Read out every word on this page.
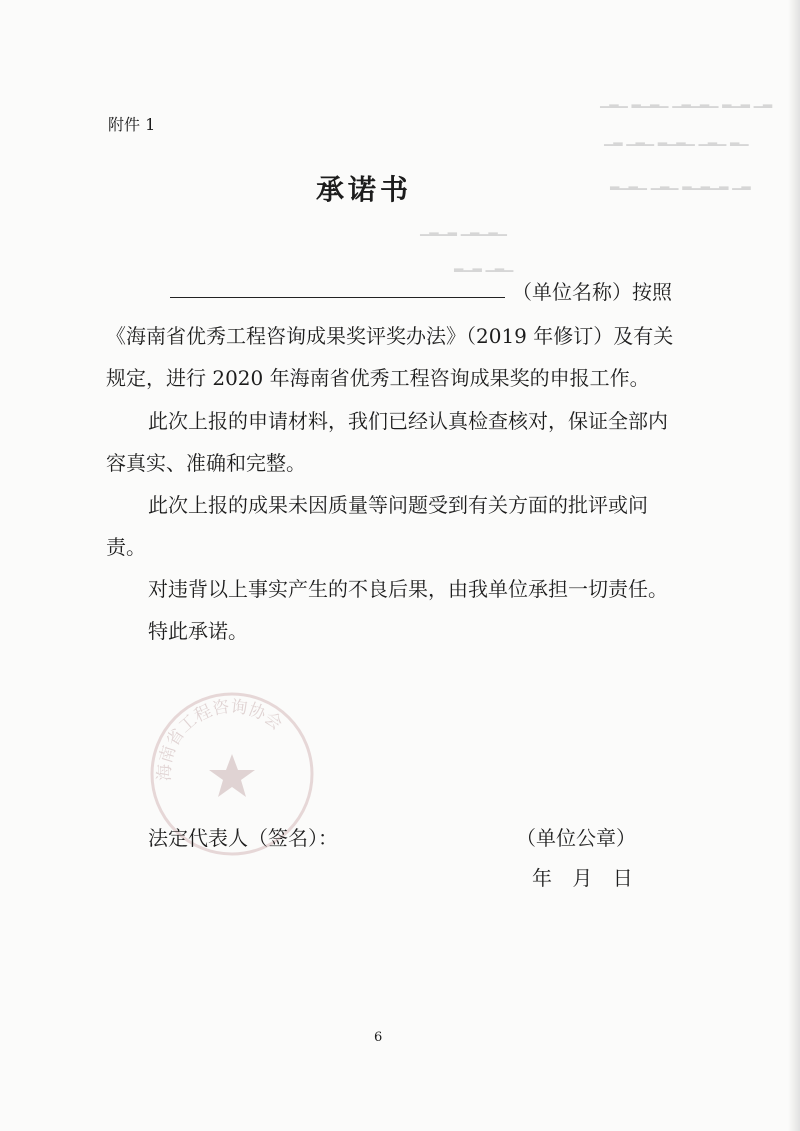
▁▂▁ ▂▁▂▁ ▁▂▁▂▁ ▂▁▂ ▁▂
▁▂ ▁▂▁ ▂▁▂▁ ▁▂▁ ▂▁
▂▁▂▁ ▁▂▁ ▂▁▂▁▂ ▁▂
▁▂▁▂ ▁▂▁▂▁
▂▁▂ ▁▂▁
附件 1
承诺书
（单位名称）按照
《海南省优秀工程咨询成果奖评奖办法》（2019 年修订）及有关
规定，进行 2020 年海南省优秀工程咨询成果奖的申报工作。
此次上报的申请材料，我们已经认真检查核对，保证全部内
容真实、准确和完整。
此次上报的成果未因质量等问题受到有关方面的批评或问
责。
对违背以上事实产生的不良后果，由我单位承担一切责任。
特此承诺。
海南省工程咨询协会
法定代表人（签名）：	（单位公章）
年 月 日
6
